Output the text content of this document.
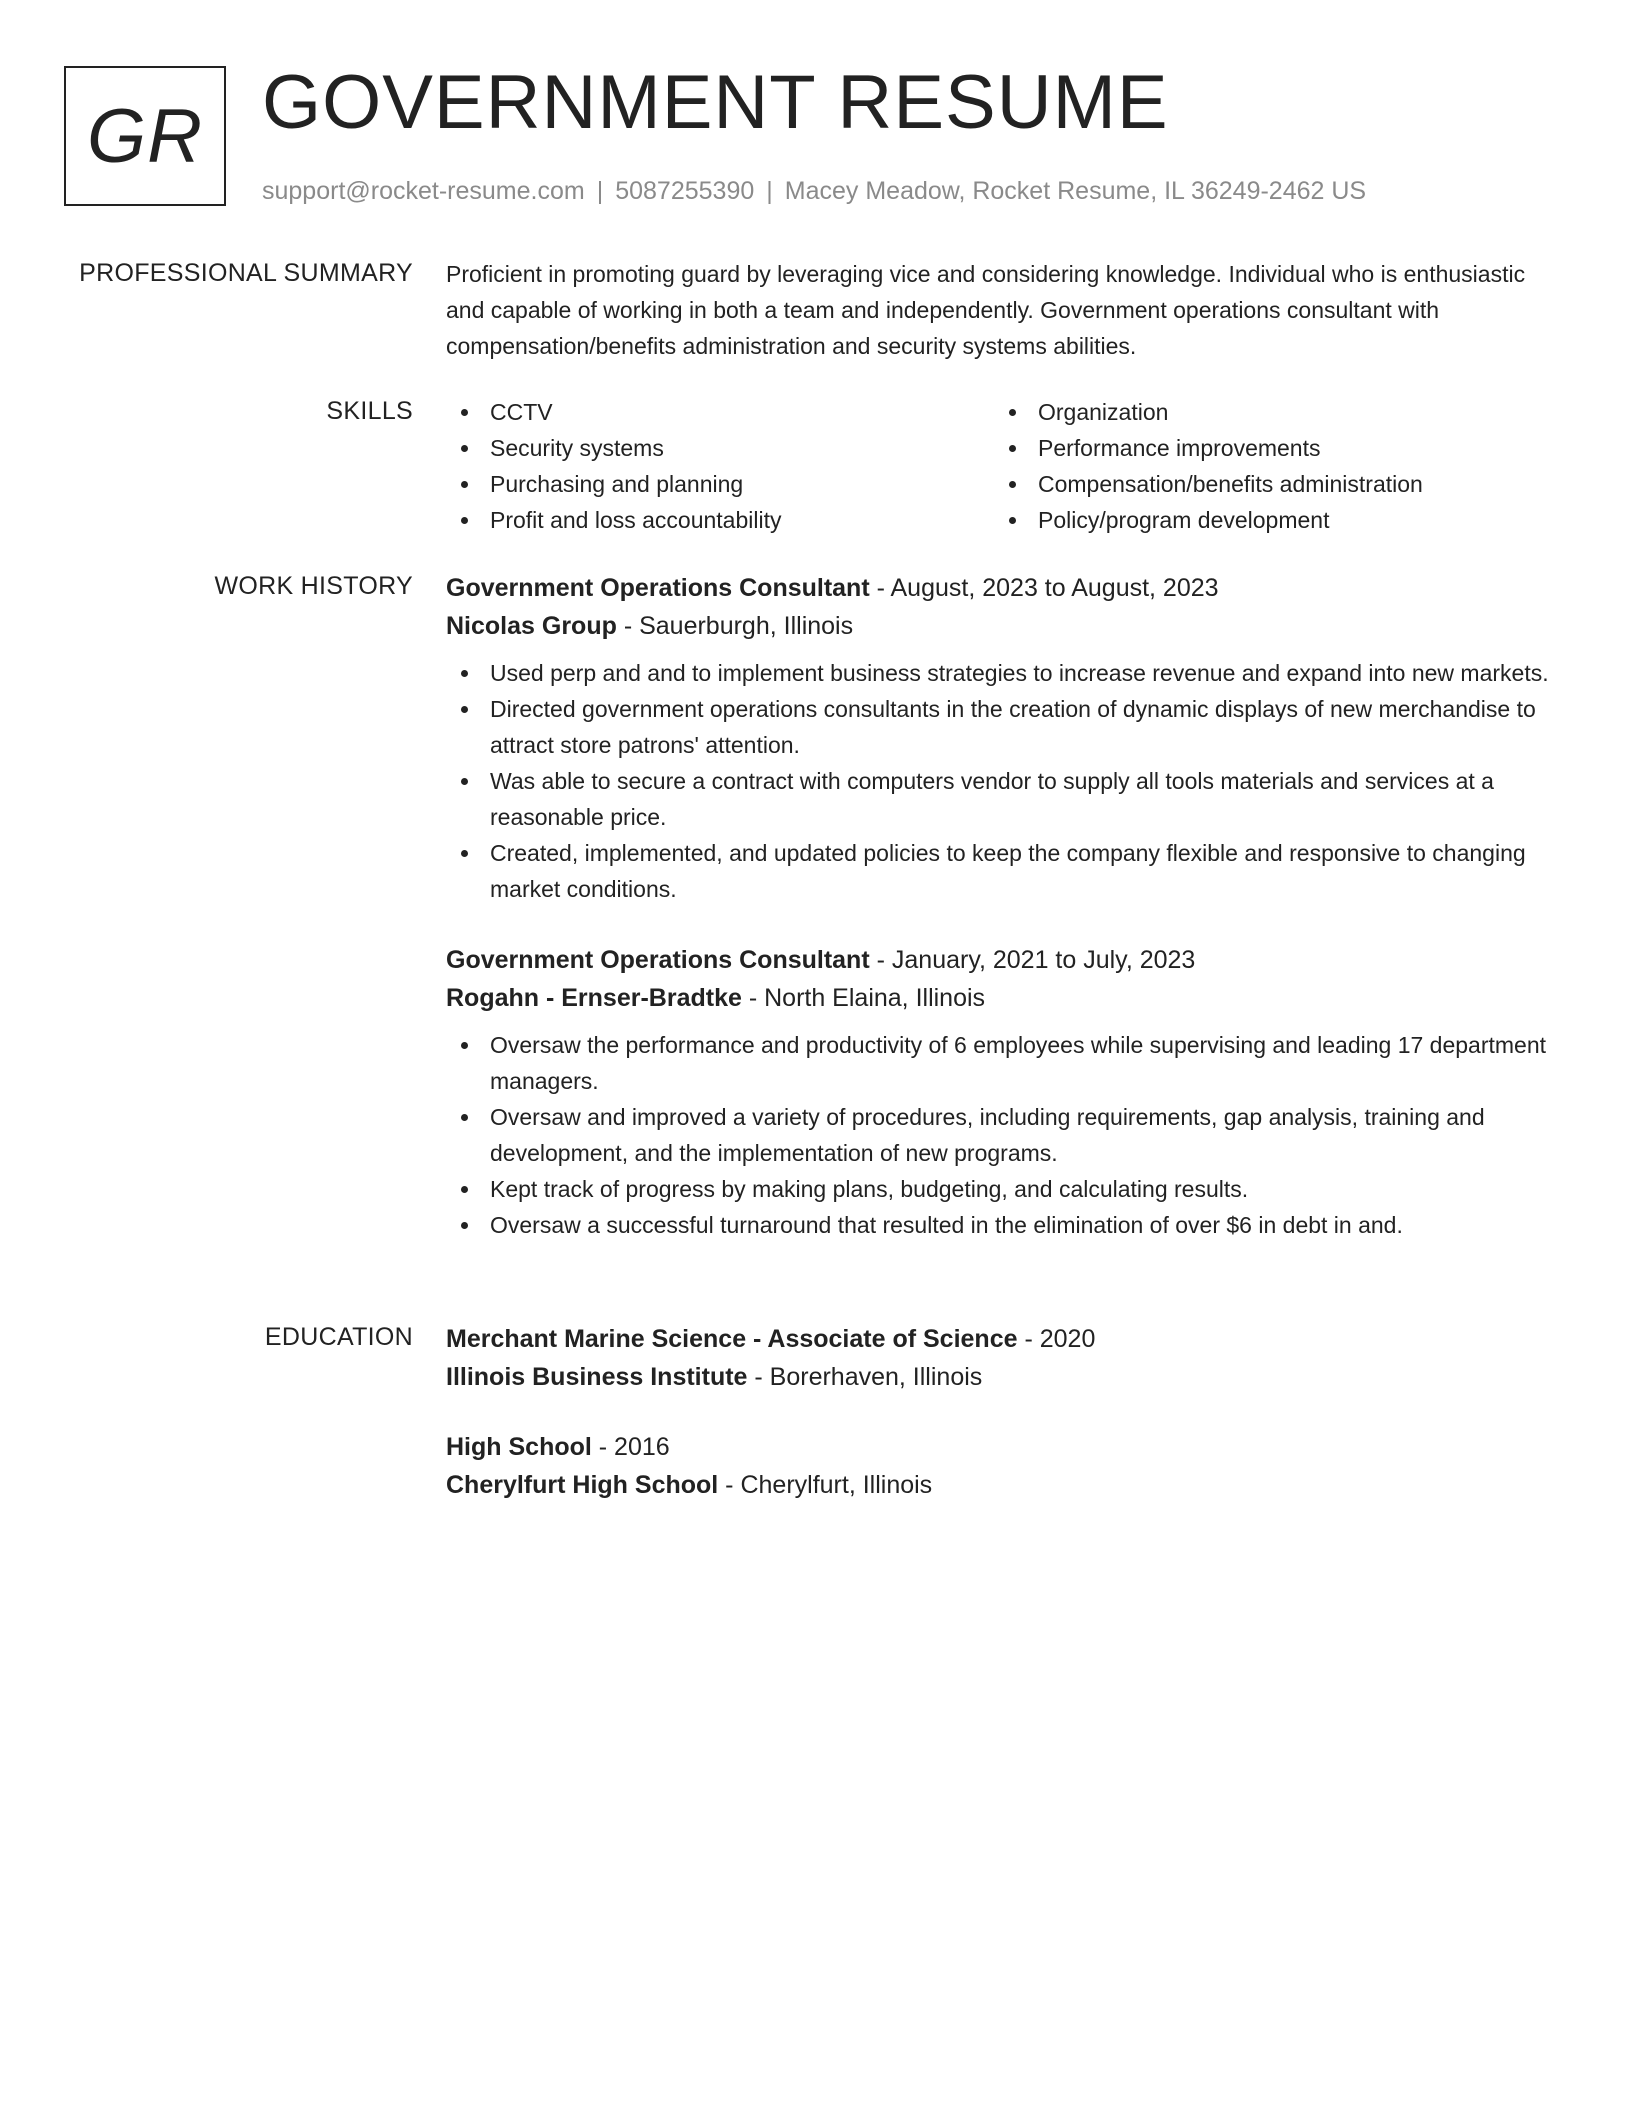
GR GOVERNMENT RESUME
support@rocket-resume.com | 5087255390 | Macey Meadow, Rocket Resume, IL 36249-2462 US
PROFESSIONAL SUMMARY Proficient in promoting guard by leveraging vice and considering knowledge. Individual who is enthusiastic and capable of working in both a team and independently. Government operations consultant with compensation/benefits administration and security systems abilities.

SKILLS	CCTV
Security systems
Purchasing and planning
Profit and loss accountability
Organization
Performance improvements
Compensation/benefits administration
Policy/program development
WORK HISTORY Government Operations Consultant - August, 2023 to August, 2023
Nicolas Group - Sauerburgh, Illinois
Used perp and and to implement business strategies to increase revenue and expand into new markets.
Directed government operations consultants in the creation of dynamic displays of new merchandise to attract store patrons' attention.
Was able to secure a contract with computers vendor to supply all tools materials and services at a reasonable price.
Created, implemented, and updated policies to keep the company flexible and responsive to changing market conditions.
Government Operations Consultant - January, 2021 to July, 2023
Rogahn - Ernser-Bradtke - North Elaina, Illinois
Oversaw the performance and productivity of 6 employees while supervising and leading 17 department managers.
Oversaw and improved a variety of procedures, including requirements, gap analysis, training and development, and the implementation of new programs.
Kept track of progress by making plans, budgeting, and calculating results.
Oversaw a successful turnaround that resulted in the elimination of over $6 in debt in and.
EDUCATION Merchant Marine Science - Associate of Science - 2020
Illinois Business Institute - Borerhaven, Illinois
High School - 2016
Cherylfurt High School - Cherylfurt, Illinois
